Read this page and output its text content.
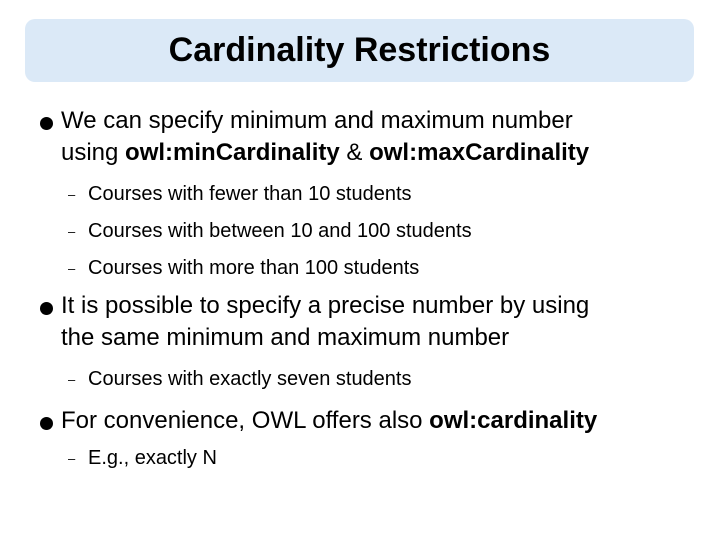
Cardinality Restrictions
We can specify minimum and maximum number
using owl:minCardinality & owl:maxCardinality
– Courses with fewer than 10 students
– Courses with between 10 and 100 students
– Courses with more than 100 students
It is possible to specify a precise number by using
the same minimum and maximum number
– Courses with exactly seven students
For convenience, OWL offers also owl:cardinality
– E.g., exactly N
